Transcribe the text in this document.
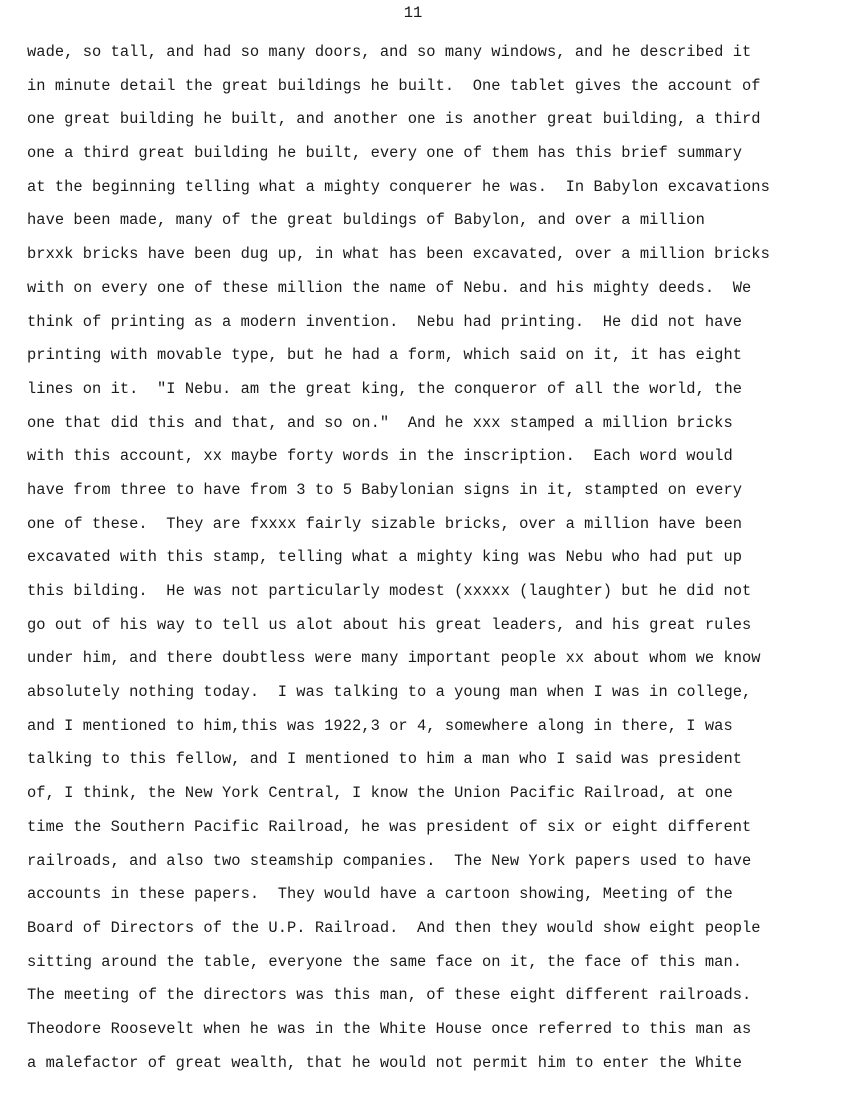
11
wade, so tall, and had so many doors, and so many windows, and he described it
in minute detail the great buildings he built.  One tablet gives the account of
one great building he built, and another one is another great building, a third
one a third great building he built, every one of them has this brief summary
at the beginning telling what a mighty conquerer he was.  In Babylon excavations
have been made, many of the great buldings of Babylon, and over a million
brxxk bricks have been dug up, in what has been excavated, over a million bricks
with on every one of these million the name of Nebu. and his mighty deeds.  We
think of printing as a modern invention.  Nebu had printing.  He did not have
printing with movable type, but he had a form, which said on it, it has eight
lines on it.  "I Nebu. am the great king, the conqueror of all the world, the
one that did this and that, and so on."  And he xxx stamped a million bricks
with this account, xx maybe forty words in the inscription.  Each word would
have from three to have from 3 to 5 Babylonian signs in it, stampted on every
one of these.  They are fxxxx fairly sizable bricks, over a million have been
excavated with this stamp, telling what a mighty king was Nebu who had put up
this bilding.  He was not particularly modest (xxxxx (laughter) but he did not
go out of his way to tell us alot about his great leaders, and his great rules
under him, and there doubtless were many important people xx about whom we know
absolutely nothing today.  I was talking to a young man when I was in college,
and I mentioned to him,this was 1922,3 or 4, somewhere along in there, I was
talking to this fellow, and I mentioned to him a man who I said was president
of, I think, the New York Central, I know the Union Pacific Railroad, at one
time the Southern Pacific Railroad, he was president of six or eight different
railroads, and also two steamship companies.  The New York papers used to have
accounts in these papers.  They would have a cartoon showing, Meeting of the
Board of Directors of the U.P. Railroad.  And then they would show eight people
sitting around the table, everyone the same face on it, the face of this man.
The meeting of the directors was this man, of these eight different railroads.
Theodore Roosevelt when he was in the White House once referred to this man as
a malefactor of great wealth, that he would not permit him to enter the White
